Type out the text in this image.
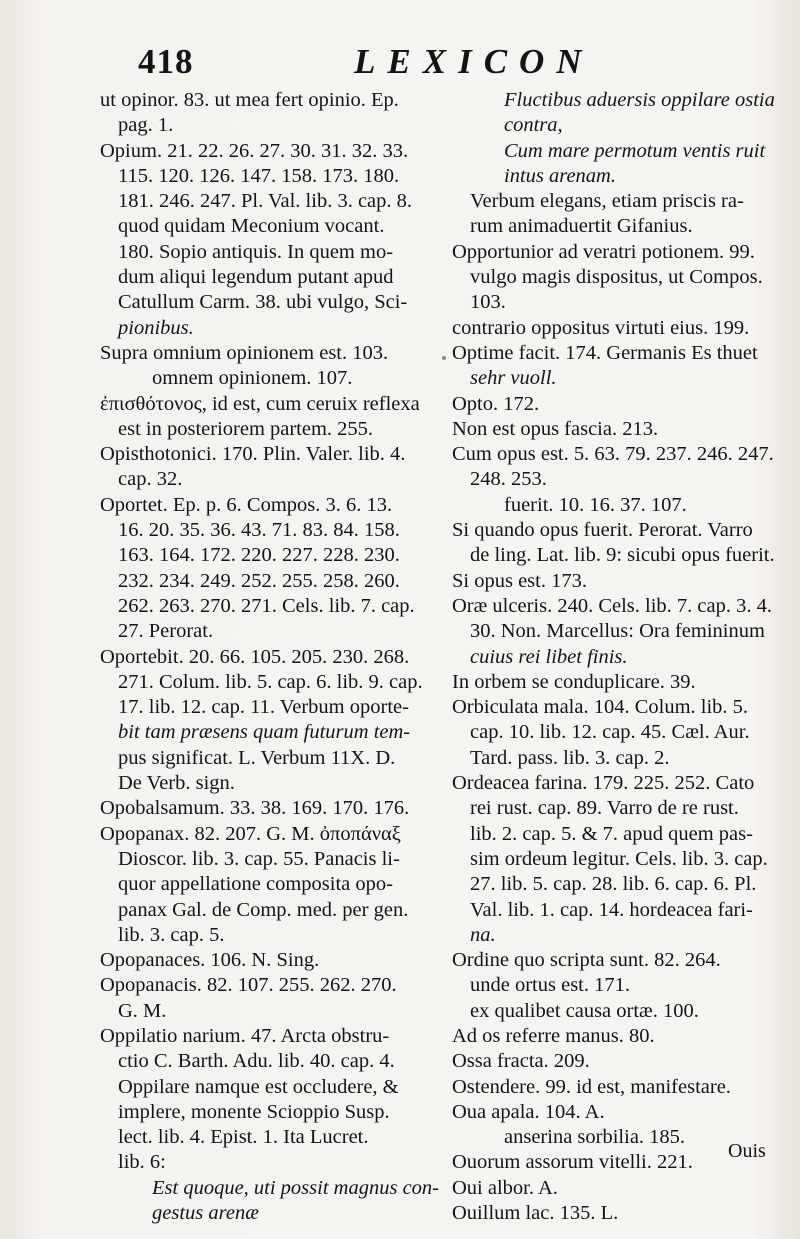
418	LEXICON
ut opinor. 83. ut mea fert opinio. Ep.
pag. 1.
Opium. 21. 22. 26. 27. 30. 31. 32. 33.
115. 120. 126. 147. 158. 173. 180.
181. 246. 247. Pl. Val. lib. 3. cap. 8.
quod quidam Meconium vocant.
180. Sopio antiquis. In quem mo-
dum aliqui legendum putant apud
Catullum Carm. 38. ubi vulgo, Sci-
pionibus.
Supra omnium opinionem est. 103.
omnem opinionem. 107.
ἐπισθότονος, id est, cum ceruix reflexa
est in posteriorem partem. 255.
Opisthotonici. 170. Plin. Valer. lib. 4.
cap. 32.
Oportet. Ep. p. 6. Compos. 3. 6. 13.
16. 20. 35. 36. 43. 71. 83. 84. 158.
163. 164. 172. 220. 227. 228. 230.
232. 234. 249. 252. 255. 258. 260.
262. 263. 270. 271. Cels. lib. 7. cap.
27. Perorat.
Oportebit. 20. 66. 105. 205. 230. 268.
271. Colum. lib. 5. cap. 6. lib. 9. cap.
17. lib. 12. cap. 11. Verbum oporte-
bit tam præsens quam futurum tem-
pus significat. L. Verbum 11X. D.
De Verb. sign.
Opobalsamum. 33. 38. 169. 170. 176.
Opopanax. 82. 207. G. M. ὀποπάναξ
Dioscor. lib. 3. cap. 55. Panacis li-
quor appellatione composita opo-
panax Gal. de Comp. med. per gen.
lib. 3. cap. 5.
Opopanaces. 106. N. Sing.
Opopanacis. 82. 107. 255. 262. 270.
G. M.
Oppilatio narium. 47. Arcta obstru-
ctio C. Barth. Adu. lib. 40. cap. 4.
Oppilare namque est occludere, &
implere, monente Scioppio Susp.
lect. lib. 4. Epist. 1. Ita Lucret.
lib. 6:
Est quoque, uti possit magnus con-
gestus arenæ
Fluctibus aduersis oppilare ostia
contra,
Cum mare permotum ventis ruit
intus arenam.
Verbum elegans, etiam priscis ra-
rum animaduertit Gifanius.
Opportunior ad veratri potionem. 99.
vulgo magis dispositus, ut Compos.
103.
contrario oppositus virtuti eius. 199.
Optime facit. 174. Germanis Es thuet
sehr vuoll.
Opto. 172.
Non est opus fascia. 213.
Cum opus est. 5. 63. 79. 237. 246. 247.
248. 253.
fuerit. 10. 16. 37. 107.
Si quando opus fuerit. Perorat. Varro
de ling. Lat. lib. 9: sicubi opus fuerit.
Si opus est. 173.
Oræ ulceris. 240. Cels. lib. 7. cap. 3. 4.
30. Non. Marcellus: Ora femininum
cuius rei libet finis.
In orbem se conduplicare. 39.
Orbiculata mala. 104. Colum. lib. 5.
cap. 10. lib. 12. cap. 45. Cæl. Aur.
Tard. pass. lib. 3. cap. 2.
Ordeacea farina. 179. 225. 252. Cato
rei rust. cap. 89. Varro de re rust.
lib. 2. cap. 5. & 7. apud quem pas-
sim ordeum legitur. Cels. lib. 3. cap.
27. lib. 5. cap. 28. lib. 6. cap. 6. Pl.
Val. lib. 1. cap. 14. hordeacea fari-
na.
Ordine quo scripta sunt. 82. 264.
unde ortus est. 171.
ex qualibet causa ortæ. 100.
Ad os referre manus. 80.
Ossa fracta. 209.
Ostendere. 99. id est, manifestare.
Oua apala. 104. A.
anserina sorbilia. 185.
Ouorum assorum vitelli. 221.
Oui albor. A.
Ouillum lac. 135. L.
Ouis
